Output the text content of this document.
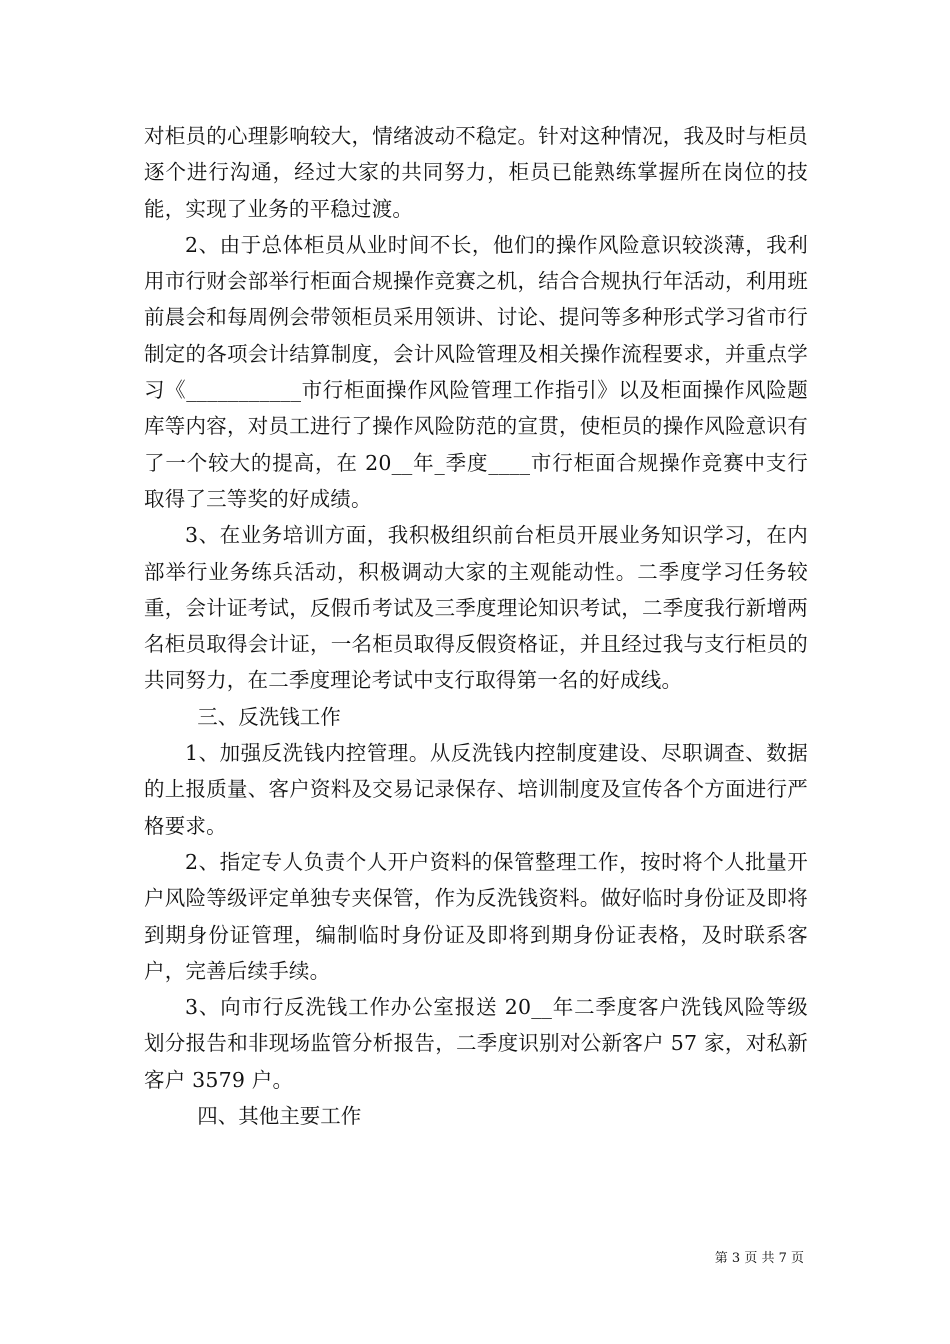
对柜员的心理影响较大，情绪波动不稳定。针对这种情况，我及时与柜员逐个进行沟通，经过大家的共同努力，柜员已能熟练掌握所在岗位的技能，实现了业务的平稳过渡。

2、由于总体柜员从业时间不长，他们的操作风险意识较淡薄，我利用市行财会部举行柜面合规操作竞赛之机，结合合规执行年活动，利用班前晨会和每周例会带领柜员采用领讲、讨论、提问等多种形式学习省市行制定的各项会计结算制度，会计风险管理及相关操作流程要求，并重点学习《___________市行柜面操作风险管理工作指引》以及柜面操作风险题库等内容，对员工进行了操作风险防范的宣贯，使柜员的操作风险意识有了一个较大的提高，在 20__年_季度____市行柜面合规操作竞赛中支行取得了三等奖的好成绩。

3、在业务培训方面，我积极组织前台柜员开展业务知识学习，在内部举行业务练兵活动，积极调动大家的主观能动性。二季度学习任务较重，会计证考试，反假币考试及三季度理论知识考试，二季度我行新增两名柜员取得会计证，一名柜员取得反假资格证，并且经过我与支行柜员的共同努力，在二季度理论考试中支行取得第一名的好成线。

三、反洗钱工作

1、加强反洗钱内控管理。从反洗钱内控制度建设、尽职调查、数据的上报质量、客户资料及交易记录保存、培训制度及宣传各个方面进行严格要求。

2、指定专人负责个人开户资料的保管整理工作，按时将个人批量开户风险等级评定单独专夹保管，作为反洗钱资料。做好临时身份证及即将到期身份证管理，编制临时身份证及即将到期身份证表格，及时联系客户，完善后续手续。

3、向市行反洗钱工作办公室报送 20__年二季度客户洗钱风险等级划分报告和非现场监管分析报告，二季度识别对公新客户 57 家，对私新客户 3579 户。

四、其他主要工作

第 3 页 共 7 页
